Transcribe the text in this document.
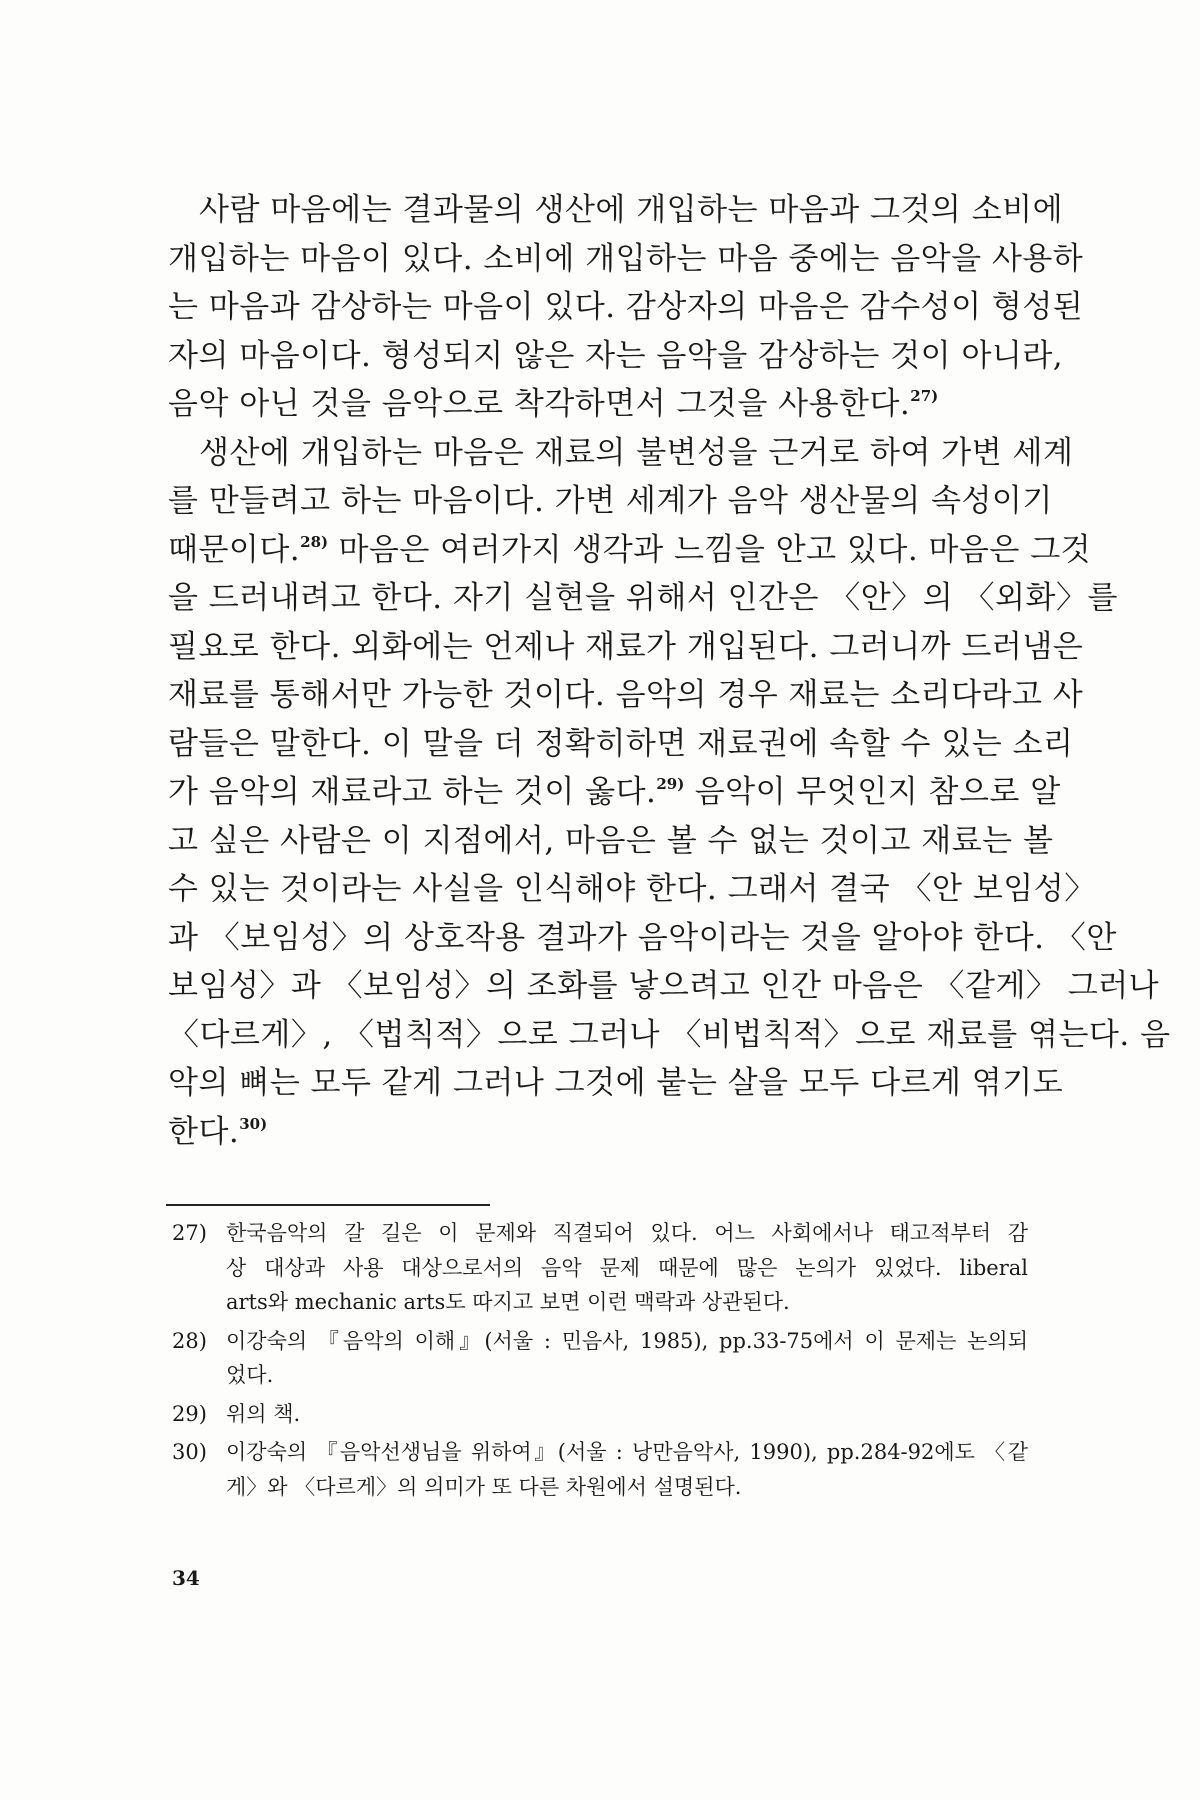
사람 마음에는 결과물의 생산에 개입하는 마음과 그것의 소비에
개입하는 마음이 있다. 소비에 개입하는 마음 중에는 음악을 사용하
는 마음과 감상하는 마음이 있다. 감상자의 마음은 감수성이 형성된
자의 마음이다. 형성되지 않은 자는 음악을 감상하는 것이 아니라,
음악 아닌 것을 음악으로 착각하면서 그것을 사용한다.$^{27)}$
생산에 개입하는 마음은 재료의 불변성을 근거로 하여 가변 세계
를 만들려고 하는 마음이다. 가변 세계가 음악 생산물의 속성이기
때문이다.$^{28)}$ 마음은 여러가지 생각과 느낌을 안고 있다. 마음은 그것
을 드러내려고 한다. 자기 실현을 위해서 인간은 〈안〉의 〈외화〉를
필요로 한다. 외화에는 언제나 재료가 개입된다. 그러니까 드러냄은
재료를 통해서만 가능한 것이다. 음악의 경우 재료는 소리다라고 사
람들은 말한다. 이 말을 더 정확히하면 재료권에 속할 수 있는 소리
가 음악의 재료라고 하는 것이 옳다.$^{29)}$ 음악이 무엇인지 참으로 알
고 싶은 사람은 이 지점에서, 마음은 볼 수 없는 것이고 재료는 볼
수 있는 것이라는 사실을 인식해야 한다. 그래서 결국 〈안 보임성〉
과 〈보임성〉의 상호작용 결과가 음악이라는 것을 알아야 한다. 〈안
보임성〉과 〈보임성〉의 조화를 낳으려고 인간 마음은 〈같게〉 그러나
〈다르게〉, 〈법칙적〉으로 그러나 〈비법칙적〉으로 재료를 엮는다. 음
악의 뼈는 모두 같게 그러나 그것에 붙는 살을 모두 다르게 엮기도
한다.$^{30)}$
27) 한국음악의 갈 길은 이 문제와 직결되어 있다. 어느 사회에서나 태고적부터 감
상 대상과 사용 대상으로서의 음악 문제 때문에 많은 논의가 있었다. liberal
arts와 mechanic arts도 따지고 보면 이런 맥락과 상관된다.
28) 이강숙의 『음악의 이해』(서울 : 민음사, 1985), pp.33-75에서 이 문제는 논의되
었다.
29) 위의 책.
30) 이강숙의 『음악선생님을 위하여』(서울 : 낭만음악사, 1990), pp.284-92에도 〈같
게〉와 〈다르게〉의 의미가 또 다른 차원에서 설명된다.
34
